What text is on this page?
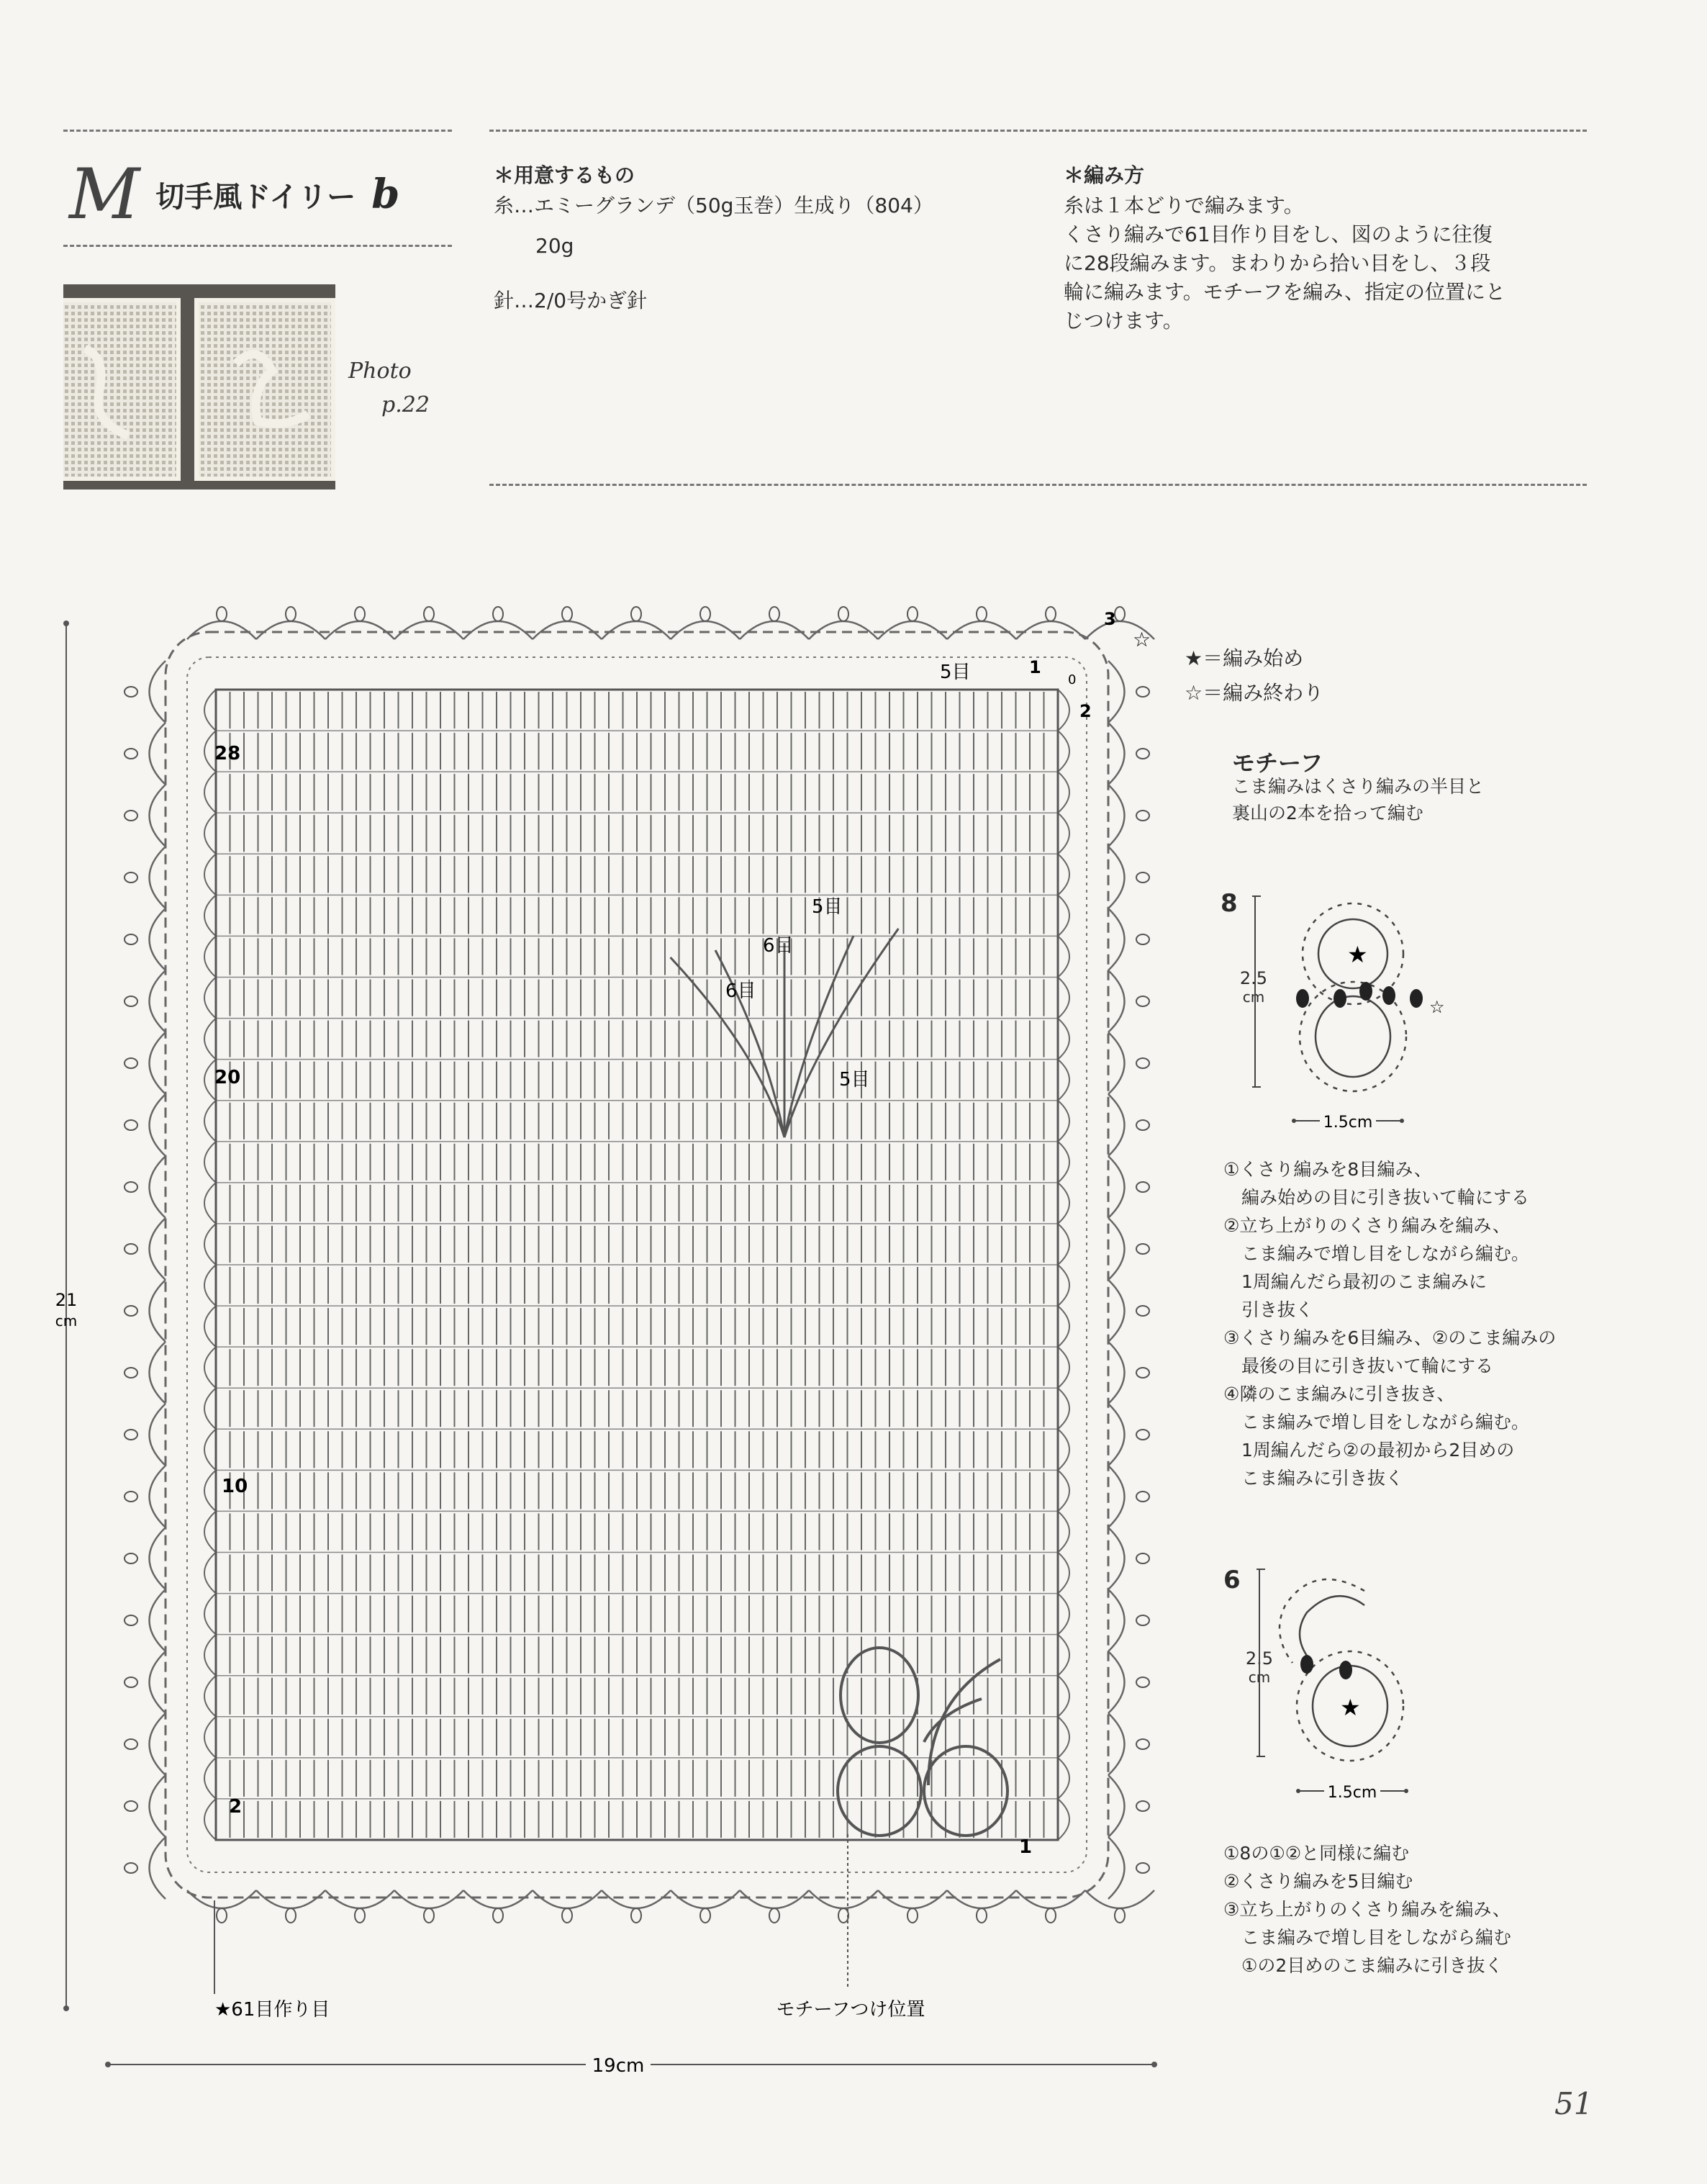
M 切手風ドイリー b
Photo
p.22
＊用意するもの
糸…エミーグランデ（50g玉巻）生成り（804）
20g
針…2/0号かぎ針
＊編み方
糸は１本どりで編みます。
くさり編みで61目作り目をし、図のように往復
に28段編みます。まわりから拾い目をし、３段
輪に編みます。モチーフを編み、指定の位置にと
じつけます。
21
cm
19cm
28
20
10
2
1
1
2
3
0
☆
5目
5目
6目
6目
5目
★61目作り目	モチーフつけ位置
★＝編み始め
☆＝編み終わり
モチーフ
こま編みはくさり編みの半目と
裏山の2本を拾って編む
8
2.5
cm
★
☆
1.5cm
①くさり編みを8目編み、
　編み始めの目に引き抜いて輪にする
②立ち上がりのくさり編みを編み、
　こま編みで増し目をしながら編む。
　1周編んだら最初のこま編みに
　引き抜く
③くさり編みを6目編み、②のこま編みの
　最後の目に引き抜いて輪にする
④隣のこま編みに引き抜き、
　こま編みで増し目をしながら編む。
　1周編んだら②の最初から2目めの
　こま編みに引き抜く
6
2.5
cm
★
1.5cm
①8の①②と同様に編む
②くさり編みを5目編む
③立ち上がりのくさり編みを編み、
　こま編みで増し目をしながら編む
　①の2目めのこま編みに引き抜く
51
